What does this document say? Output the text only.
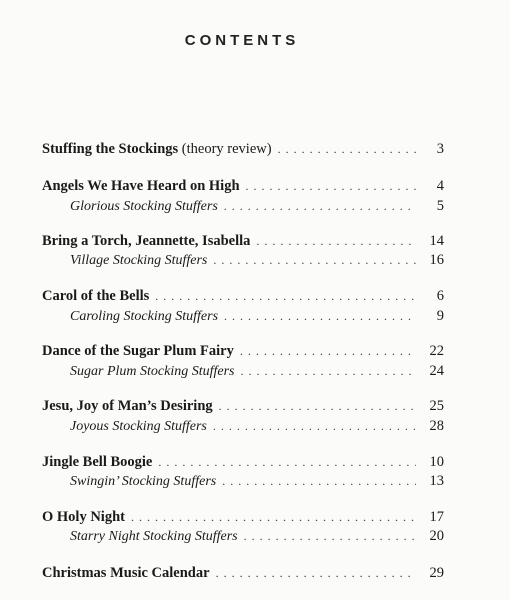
CONTENTS
Stuffing the Stockings (theory review) . . .	3
Angels We Have Heard on High . . .	4
Glorious Stocking Stuffers . . .	5
Bring a Torch, Jeannette, Isabella . . .	14
Village Stocking Stuffers . . .	16
Carol of the Bells . . .	6
Caroling Stocking Stuffers . . .	9
Dance of the Sugar Plum Fairy . . .	22
Sugar Plum Stocking Stuffers . . .	24
Jesu, Joy of Man’s Desiring . . .	25
Joyous Stocking Stuffers . . .	28
Jingle Bell Boogie . . .	10
Swingin’ Stocking Stuffers . . .	13
O Holy Night . . .	17
Starry Night Stocking Stuffers . . .	20
Christmas Music Calendar . . .	29
